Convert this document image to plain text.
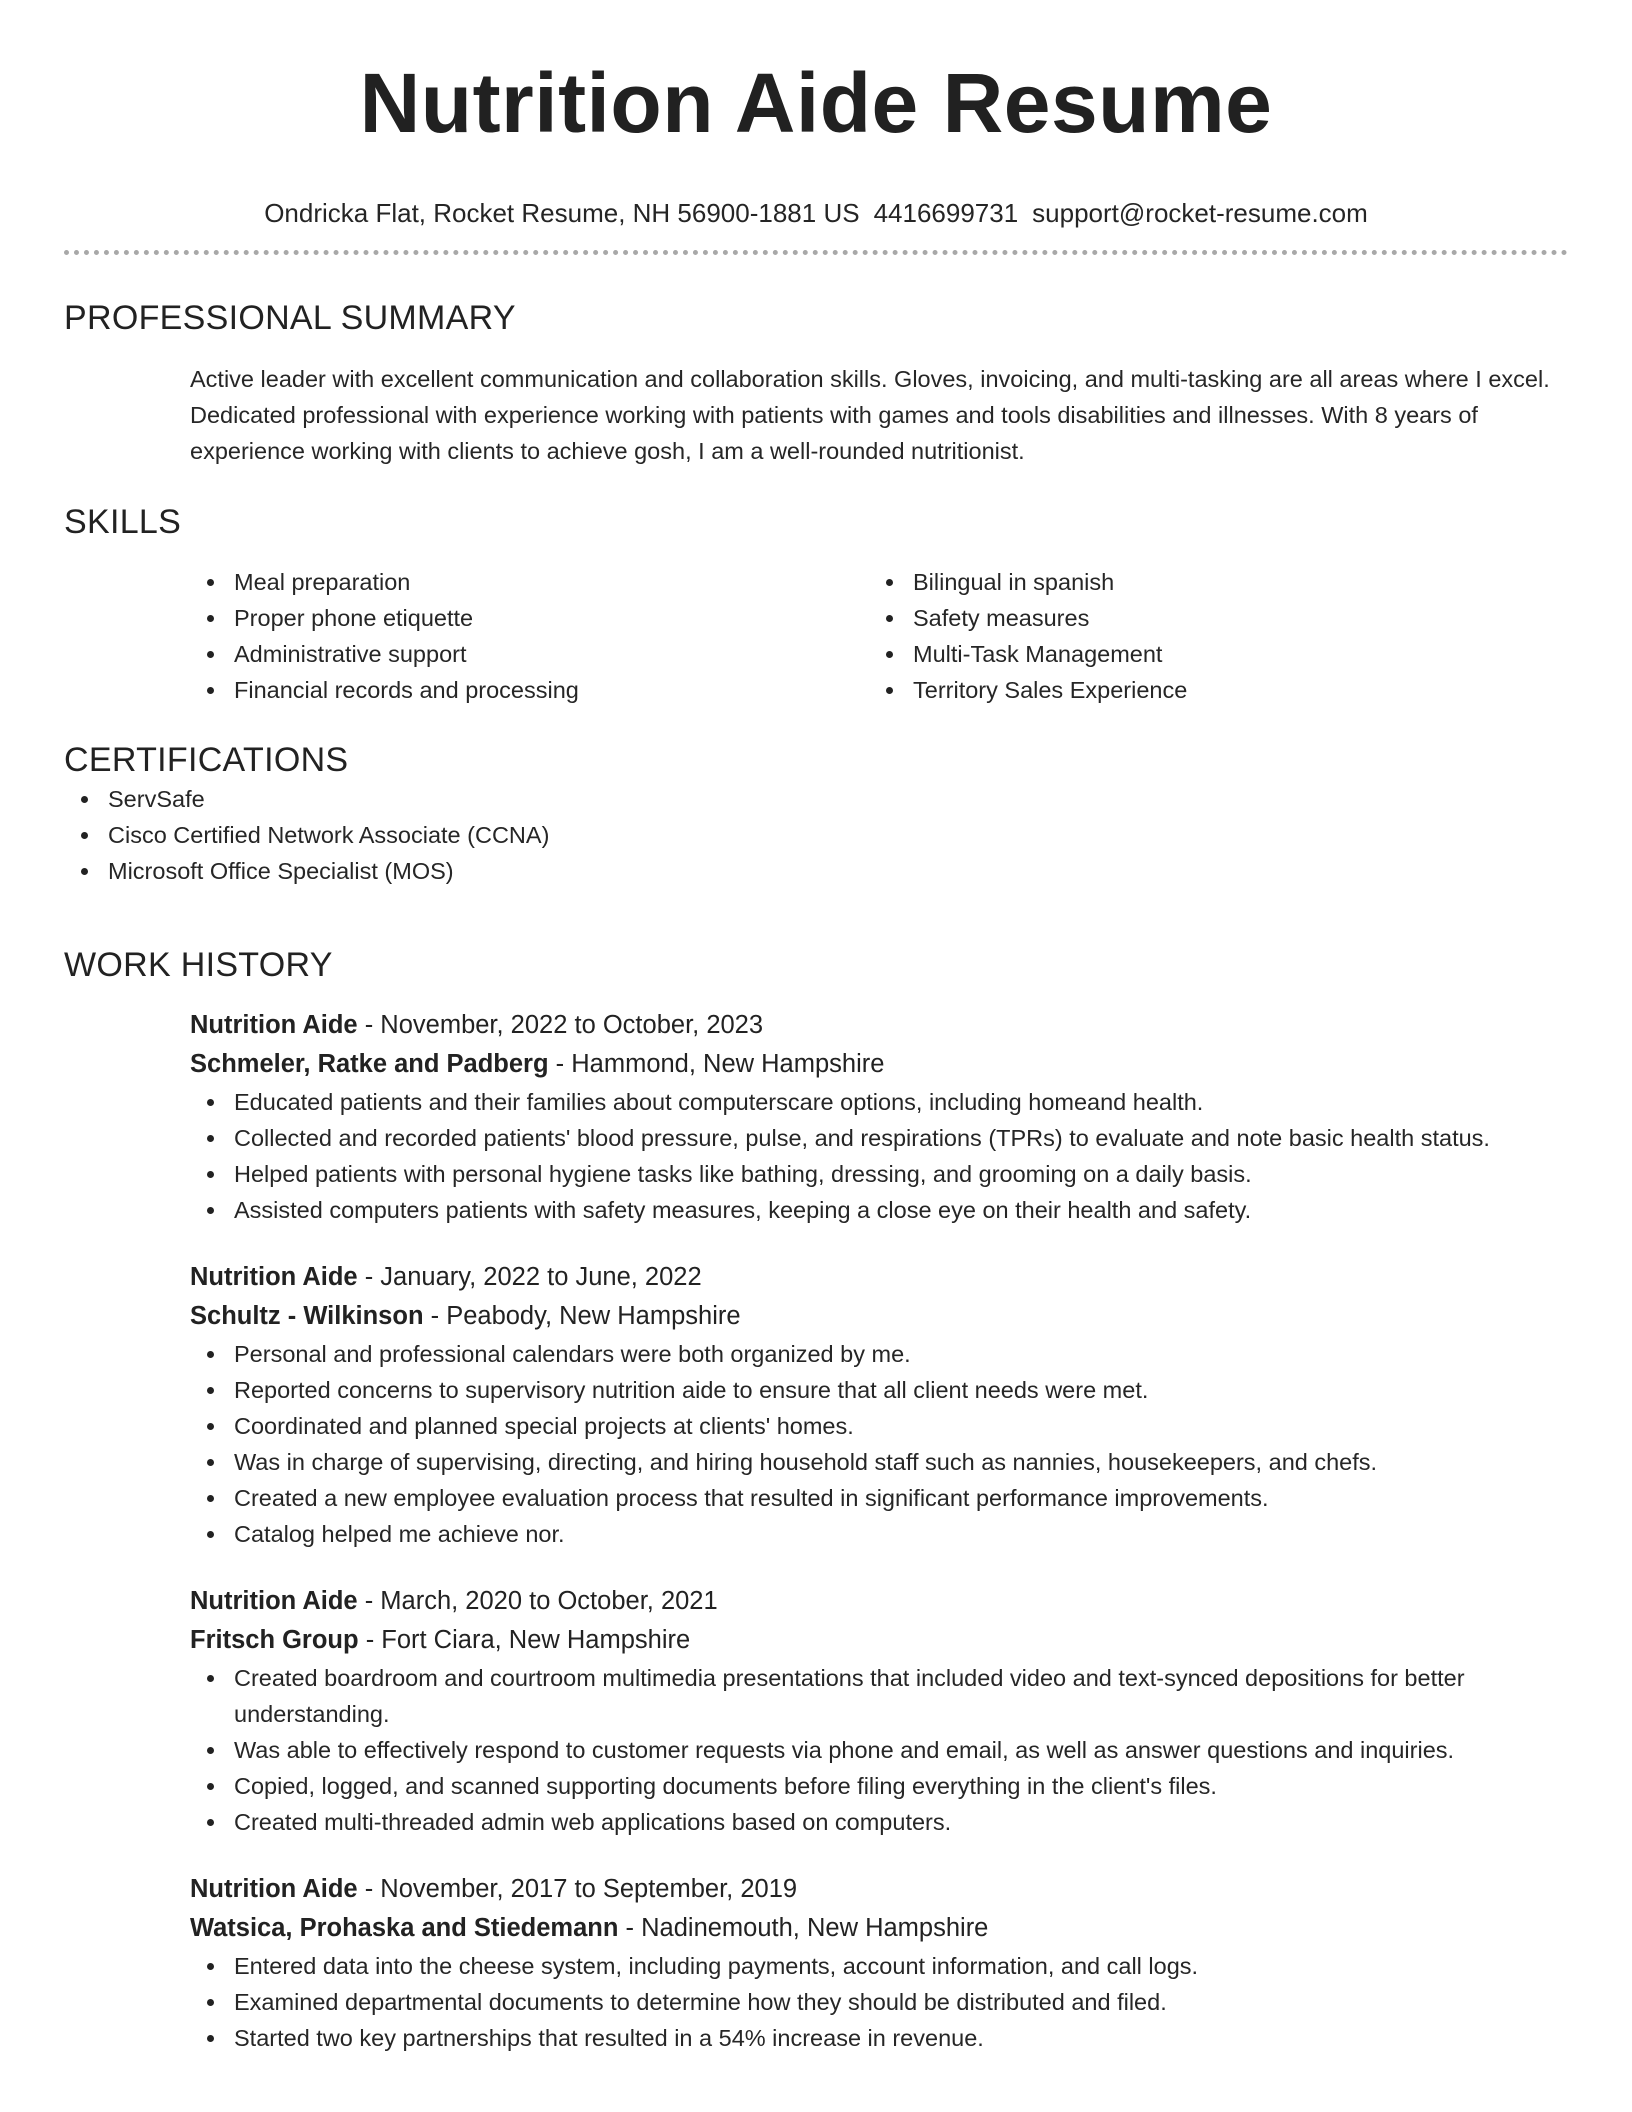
Nutrition Aide Resume
Ondricka Flat, Rocket Resume, NH 56900-1881 US 4416699731 support@rocket-resume.com
PROFESSIONAL SUMMARY
Active leader with excellent communication and collaboration skills. Gloves, invoicing, and multi-tasking are all areas where I excel. Dedicated professional with experience working with patients with games and tools disabilities and illnesses. With 8 years of experience working with clients to achieve gosh, I am a well-rounded nutritionist.
SKILLS
Meal preparation
Proper phone etiquette
Administrative support
Financial records and processing
Bilingual in spanish
Safety measures
Multi-Task Management
Territory Sales Experience
CERTIFICATIONS
ServSafe
Cisco Certified Network Associate (CCNA)
Microsoft Office Specialist (MOS)
WORK HISTORY
Nutrition Aide - November, 2022 to October, 2023
Schmeler, Ratke and Padberg - Hammond, New Hampshire
Educated patients and their families about computerscare options, including homeand health.
Collected and recorded patients' blood pressure, pulse, and respirations (TPRs) to evaluate and note basic health status.
Helped patients with personal hygiene tasks like bathing, dressing, and grooming on a daily basis.
Assisted computers patients with safety measures, keeping a close eye on their health and safety.
Nutrition Aide - January, 2022 to June, 2022
Schultz - Wilkinson - Peabody, New Hampshire
Personal and professional calendars were both organized by me.
Reported concerns to supervisory nutrition aide to ensure that all client needs were met.
Coordinated and planned special projects at clients' homes.
Was in charge of supervising, directing, and hiring household staff such as nannies, housekeepers, and chefs.
Created a new employee evaluation process that resulted in significant performance improvements.
Catalog helped me achieve nor.
Nutrition Aide - March, 2020 to October, 2021
Fritsch Group - Fort Ciara, New Hampshire
Created boardroom and courtroom multimedia presentations that included video and text-synced depositions for better understanding.
Was able to effectively respond to customer requests via phone and email, as well as answer questions and inquiries.
Copied, logged, and scanned supporting documents before filing everything in the client's files.
Created multi-threaded admin web applications based on computers.
Nutrition Aide - November, 2017 to September, 2019
Watsica, Prohaska and Stiedemann - Nadinemouth, New Hampshire
Entered data into the cheese system, including payments, account information, and call logs.
Examined departmental documents to determine how they should be distributed and filed.
Started two key partnerships that resulted in a 54% increase in revenue.
